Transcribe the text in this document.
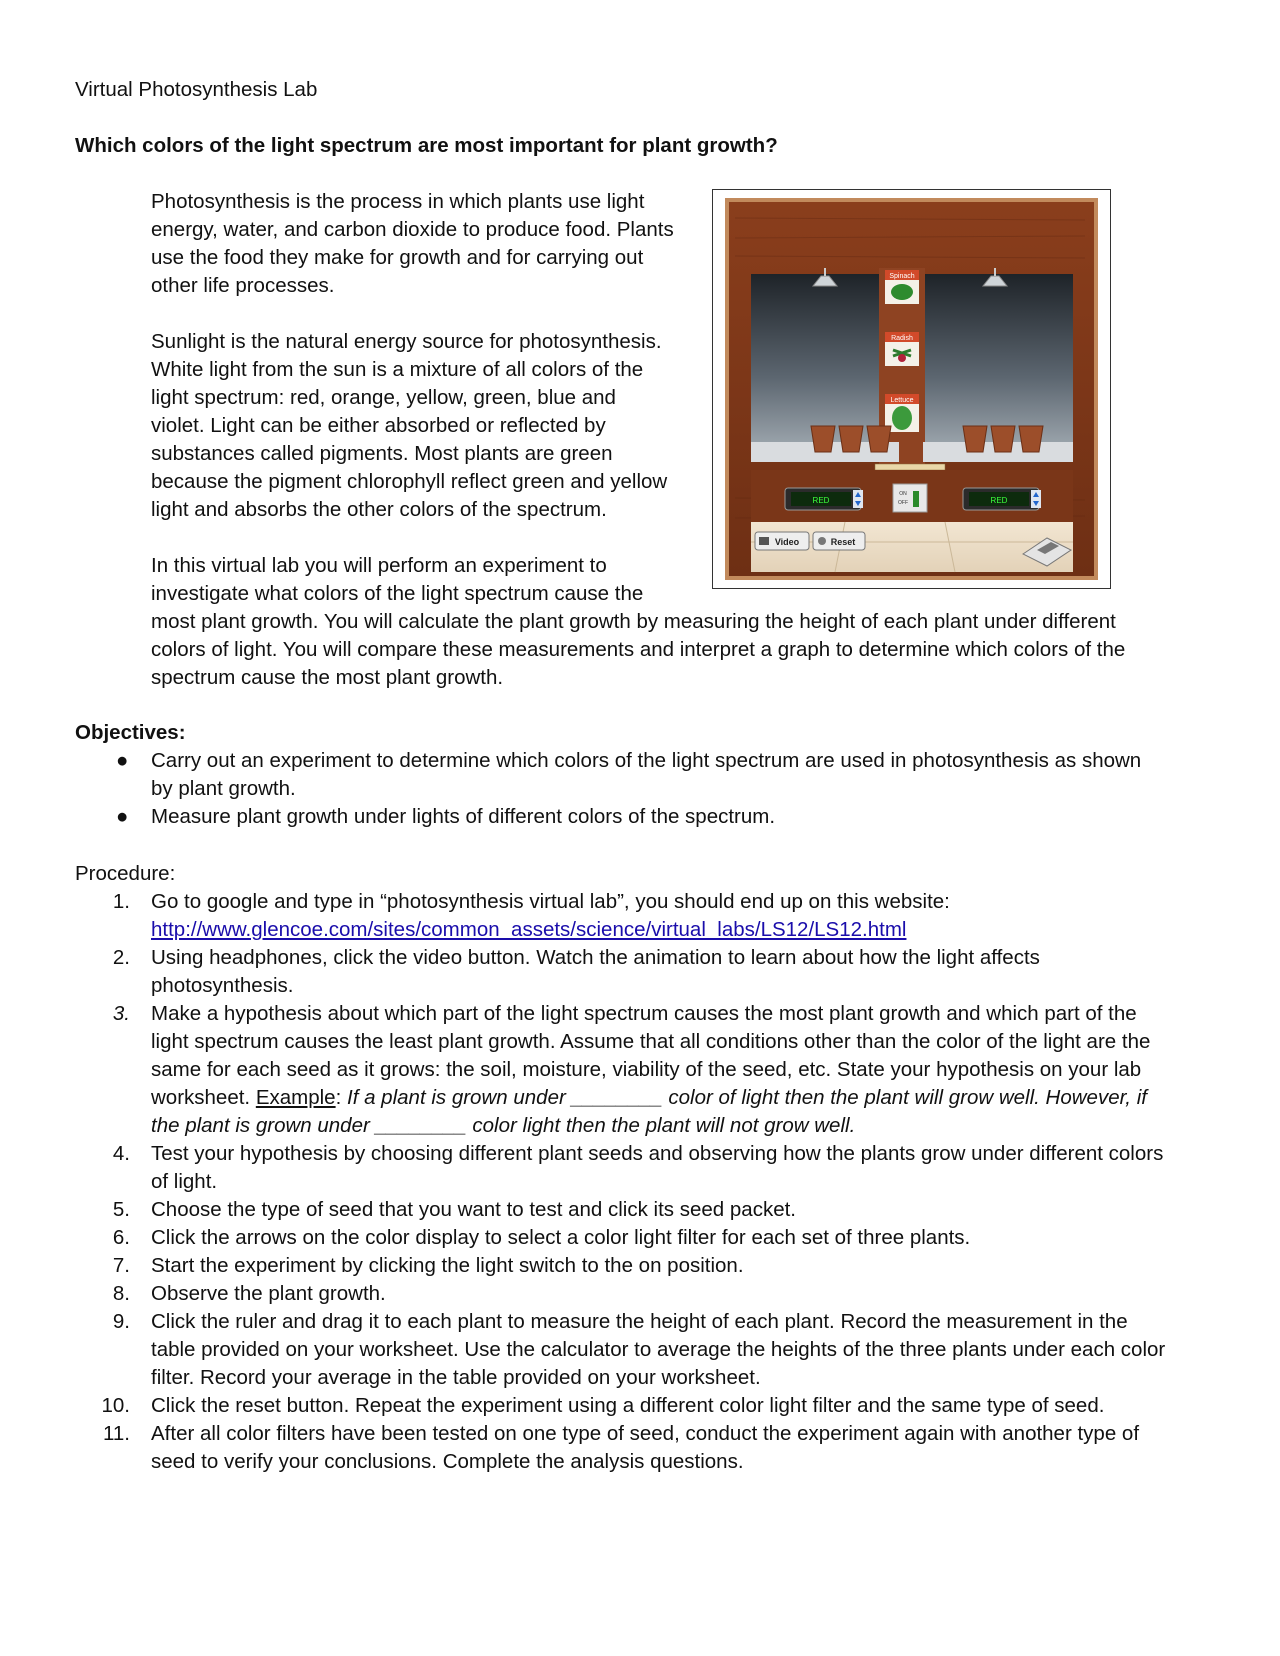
Virtual Photosynthesis Lab
Which colors of the light spectrum are most important for plant growth?
Photosynthesis is the process in which plants use light
energy, water, and carbon dioxide to produce food. Plants
use the food they make for growth and for carrying out
other life processes.
Sunlight is the natural energy source for photosynthesis.
White light from the sun is a mixture of all colors of the
light spectrum: red, orange, yellow, green, blue and
violet. Light can be either absorbed or reflected by
substances called pigments. Most plants are green
because the pigment chlorophyll reflect green and yellow
light and absorbs the other colors of the spectrum.
In this virtual lab you will perform an experiment to
investigate what colors of the light spectrum cause the
most plant growth. You will calculate the plant growth by measuring the height of each plant under different
colors of light. You will compare these measurements and interpret a graph to determine which colors of the
spectrum cause the most plant growth.
Spinach
Radish
Lettuce
RED	RED
ON
OFF
Video	Reset
Objectives:
● Carry out an experiment to determine which colors of the light spectrum are used in photosynthesis as shown
by plant growth.
● Measure plant growth under lights of different colors of the spectrum.
Procedure:
1. Go to google and type in “photosynthesis virtual lab”, you should end up on this website:
http://www.glencoe.com/sites/common_assets/science/virtual_labs/LS12/LS12.html
2. Using headphones, click the video button. Watch the animation to learn about how the light affects
photosynthesis.
3. Make a hypothesis about which part of the light spectrum causes the most plant growth and which part of the
light spectrum causes the least plant growth. Assume that all conditions other than the color of the light are the
same for each seed as it grows: the soil, moisture, viability of the seed, etc. State your hypothesis on your lab
worksheet. Example: If a plant is grown under ________ color of light then the plant will grow well. However, if
the plant is grown under ________ color light then the plant will not grow well.
4. Test your hypothesis by choosing different plant seeds and observing how the plants grow under different colors
of light.
5. Choose the type of seed that you want to test and click its seed packet.
6. Click the arrows on the color display to select a color light filter for each set of three plants.
7. Start the experiment by clicking the light switch to the on position.
8. Observe the plant growth.
9. Click the ruler and drag it to each plant to measure the height of each plant. Record the measurement in the
table provided on your worksheet. Use the calculator to average the heights of the three plants under each color
filter. Record your average in the table provided on your worksheet.
10. Click the reset button. Repeat the experiment using a different color light filter and the same type of seed.
11. After all color filters have been tested on one type of seed, conduct the experiment again with another type of
seed to verify your conclusions. Complete the analysis questions.
